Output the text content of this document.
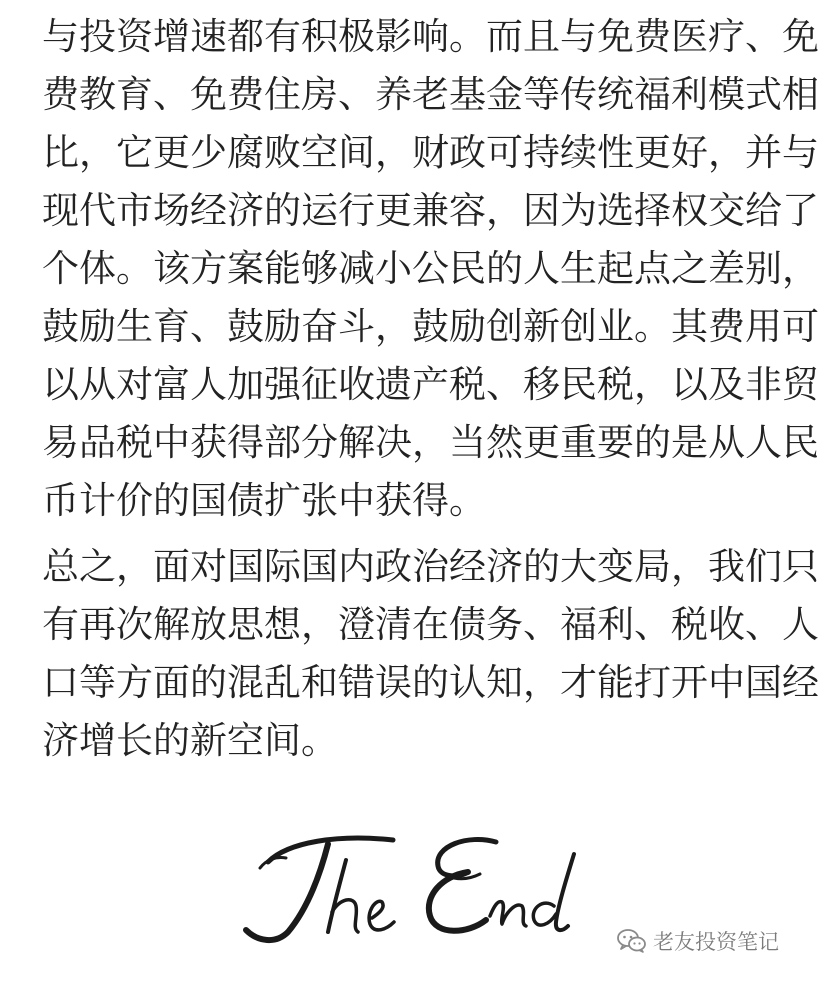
与投资增速都有积极影响。而且与免费医疗、免
费教育、免费住房、养老基金等传统福利模式相
比，它更少腐败空间，财政可持续性更好，并与
现代市场经济的运行更兼容，因为选择权交给了
个体。该方案能够减小公民的人生起点之差别，
鼓励生育、鼓励奋斗，鼓励创新创业。其费用可
以从对富人加强征收遗产税、移民税，以及非贸
易品税中获得部分解决，当然更重要的是从人民
币计价的国债扩张中获得。

总之，面对国际国内政治经济的大变局，我们只
有再次解放思想，澄清在债务、福利、税收、人
口等方面的混乱和错误的认知，才能打开中国经
济增长的新空间。

老友投资笔记
